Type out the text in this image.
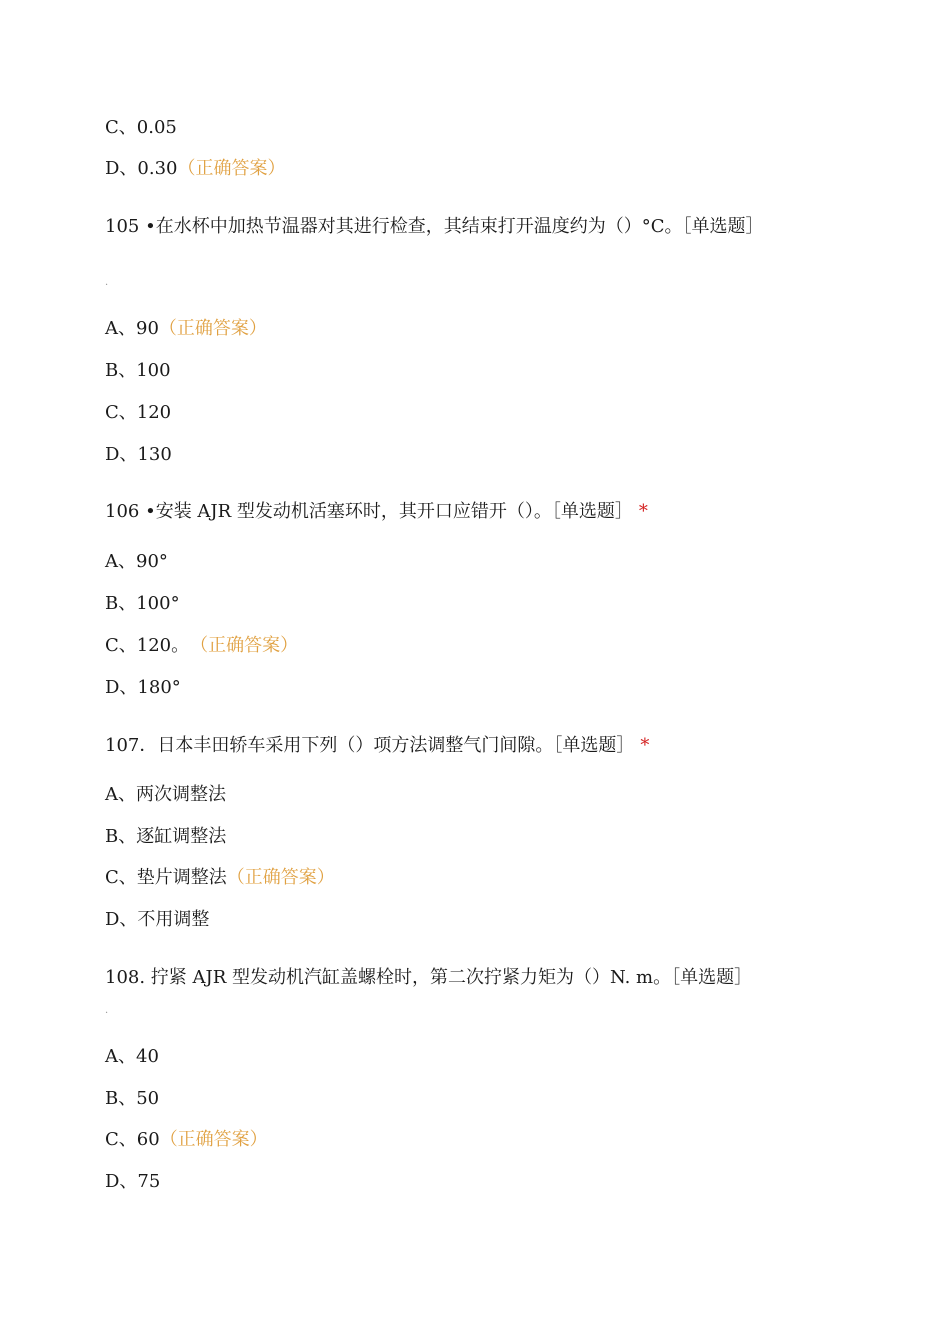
C、0.05
D、0.30（正确答案）
105 •在水杯中加热节温器对其进行检查，其结束打开温度约为（）°C。［单选题］
·
A、90（正确答案）
B、100
C、120
D、130
106 •安装 AJR 型发动机活塞环时，其开口应错开（）。［单选题］ *
A、90°
B、100°
C、120。 （正确答案）
D、180°
107．日本丰田轿车采用下列（）项方法调整气门间隙。［单选题］ *
A、两次调整法
B、逐缸调整法
C、垫片调整法（正确答案）
D、不用调整
108. 拧紧 AJR 型发动机汽缸盖螺栓时，第二次拧紧力矩为（）N. m。［单选题］
·
A、40
B、50
C、60（正确答案）
D、75
